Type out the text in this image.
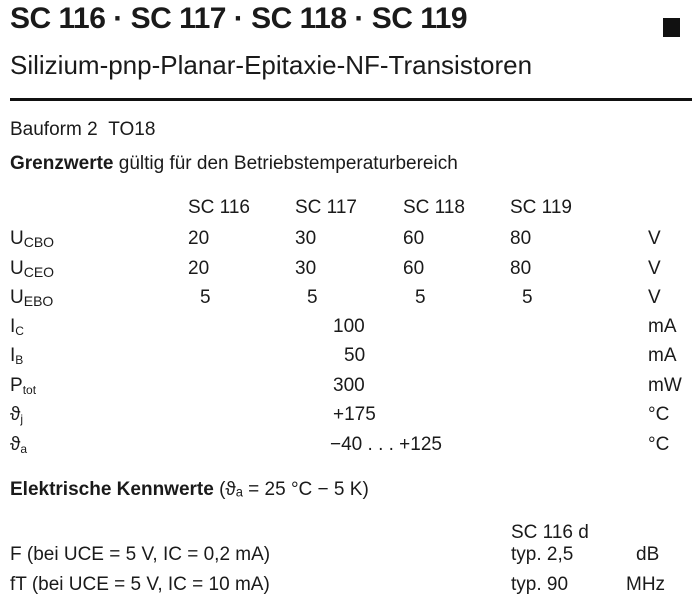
SC 116 · SC 117 · SC 118 · SC 119
Silizium-pnp-Planar-Epitaxie-NF-Transistoren
Bauform 2 TO18
Grenzwerte gültig für den Betriebstemperaturbereich
SC 116 SC 117 SC 118 SC 119
$U_{CBO}$	20	30	60	80	V
$U_{CEO}$	20	30	60	80	V
$U_{EBO}$	5	5	5	5	V
$I_C$	100	mA
$I_B$	50	mA
$P_{tot}$	300	mW
$ϑ_j$	+175	°C
$ϑ_a$	−40 . . . +125	°C
Elektrische Kennwerte (ϑₐ = 25 °C − 5 K)
SC 116 d
F (bei UCE = 5 V, IC = 0,2 mA)	typ. 2,5	dB
fT (bei UCE = 5 V, IC = 10 mA)	typ. 90	MHz
